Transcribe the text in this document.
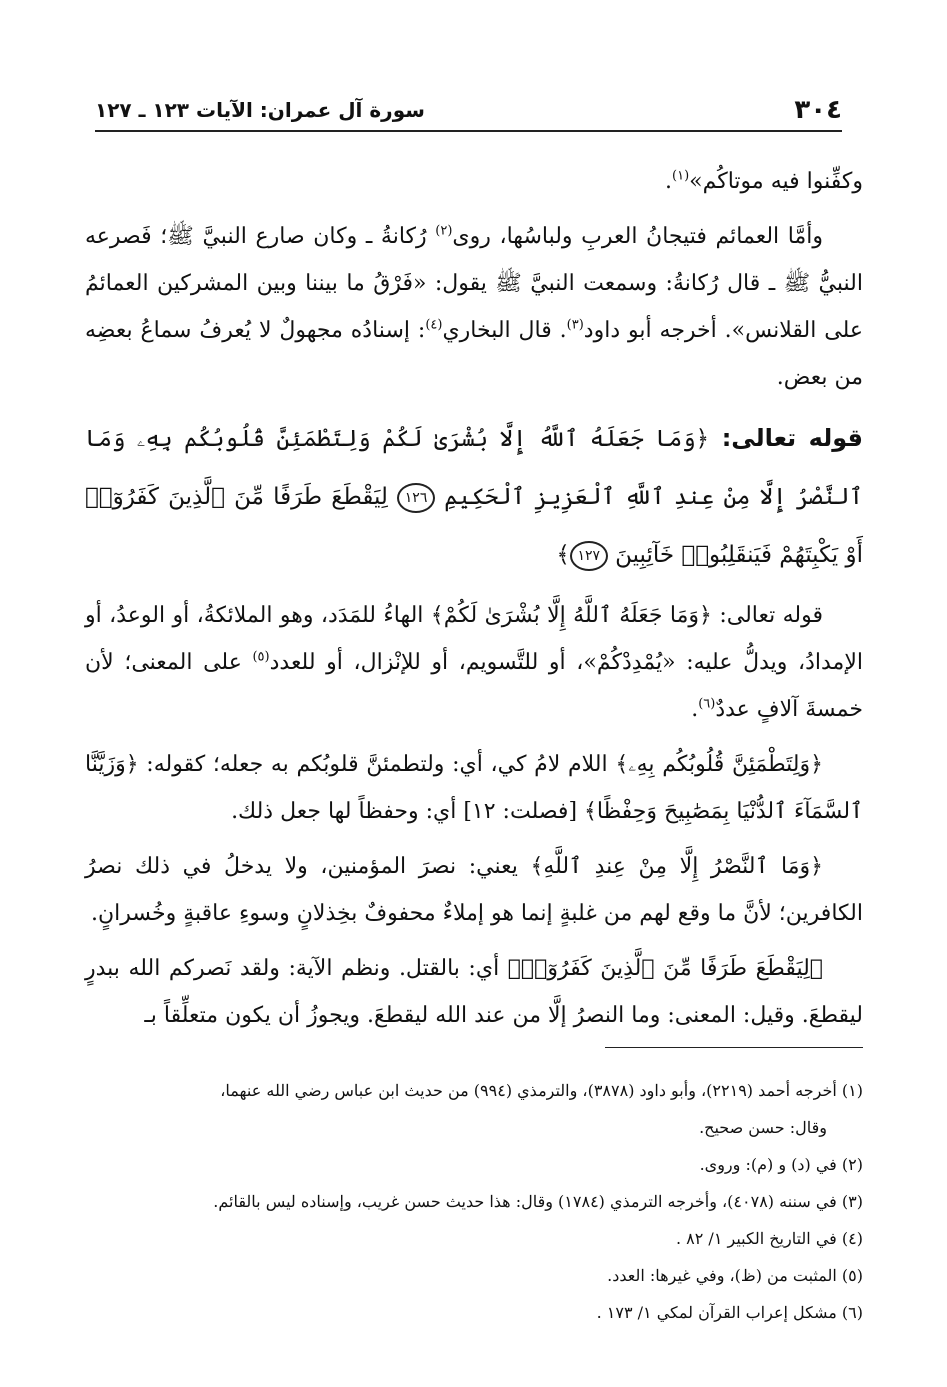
٣٠٤
سورة آل عمران: الآيات ١٢٣ ـ ١٢٧

وكفِّنوا فيه موتاكُم»$^{(١)}$.

وأمَّا العمائم فتيجانُ العربِ ولباسُها، روى$^{(٢)}$ رُكانةُ ـ وكان صارع النبيَّ ﷺ؛ فَصرعه النبيُّ ﷺ ـ قال رُكانةُ: وسمعت النبيَّ ﷺ يقول: «فَرْقُ ما بيننا وبين المشركين العمائمُ على القلانس». أخرجه أبو داود$^{(٣)}$. قال البخاري$^{(٤)}$: إسنادُه مجهولٌ لا يُعرفُ سماعُ بعضِه من بعض.

قوله تعالى: ﴿وَمَا جَعَلَهُ ٱللَّهُ إِلَّا بُشْرَىٰ لَكُمْ وَلِتَطْمَئِنَّ قُلُوبُكُم بِهِۦ وَمَا ٱلنَّصْرُ إِلَّا مِنْ عِندِ ٱللَّهِ ٱلْعَزِيزِ ٱلْحَكِيمِ ١٢٦ لِيَقْطَعَ طَرَفًا مِّنَ ٱلَّذِينَ كَفَرُوٓا۟ أَوْ يَكْبِتَهُمْ فَيَنقَلِبُوا۟ خَآئِبِينَ ١٢٧﴾

قوله تعالى: ﴿وَمَا جَعَلَهُ ٱللَّهُ إِلَّا بُشْرَىٰ لَكُمْ﴾ الهاءُ للمَدَد، وهو الملائكةُ، أو الوعدُ، أو الإمدادُ، ويدلُّ عليه: «يُمْدِدْكُمْ»، أو للتَّسويم، أو للإنْزال، أو للعدد$^{(٥)}$ على المعنى؛ لأن خمسةَ آلافٍ عددٌ$^{(٦)}$.

﴿وَلِتَطْمَئِنَّ قُلُوبُكُم بِهِۦ﴾ اللام لامُ كي، أي: ولتطمئنَّ قلوبُكم به جعله؛ كقوله: ﴿وَزَيَّنَّا ٱلسَّمَآءَ ٱلدُّنْيَا بِمَصَٰبِيحَ وَحِفْظًا﴾ [فصلت: ١٢] أي: وحفظاً لها جعل ذلك.

﴿وَمَا ٱلنَّصْرُ إِلَّا مِنْ عِندِ ٱللَّهِ﴾ يعني: نصرَ المؤمنين، ولا يدخلُ في ذلك نصرُ الكافرين؛ لأنَّ ما وقع لهم من غلبةٍ إنما هو إملاءٌ محفوفٌ بخِذلانٍ وسوءِ عاقبةٍ وخُسرانٍ.

﴿لِيَقْطَعَ طَرَفًا مِّنَ ٱلَّذِينَ كَفَرُوٓا۟﴾ أي: بالقتل. ونظم الآية: ولقد نَصركم الله ببدرٍ ليقطعَ. وقيل: المعنى: وما النصرُ إلَّا من عند الله ليقطعَ. ويجوزُ أن يكون متعلِّقاً بـ

(١) أخرجه أحمد (٢٢١٩)، وأبو داود (٣٨٧٨)، والترمذي (٩٩٤) من حديث ابن عباس رضي الله عنهما،

وقال: حسن صحيح.

(٢) في (د) و (م): وروى.

(٣) في سننه (٤٠٧٨)، وأخرجه الترمذي (١٧٨٤) وقال: هذا حديث حسن غريب، وإسناده ليس بالقائم.

(٤) في التاريخ الكبير ١/ ٨٢ .

(٥) المثبت من (ظ)، وفي غيرها: العدد.

(٦) مشكل إعراب القرآن لمكي ١/ ١٧٣ .
